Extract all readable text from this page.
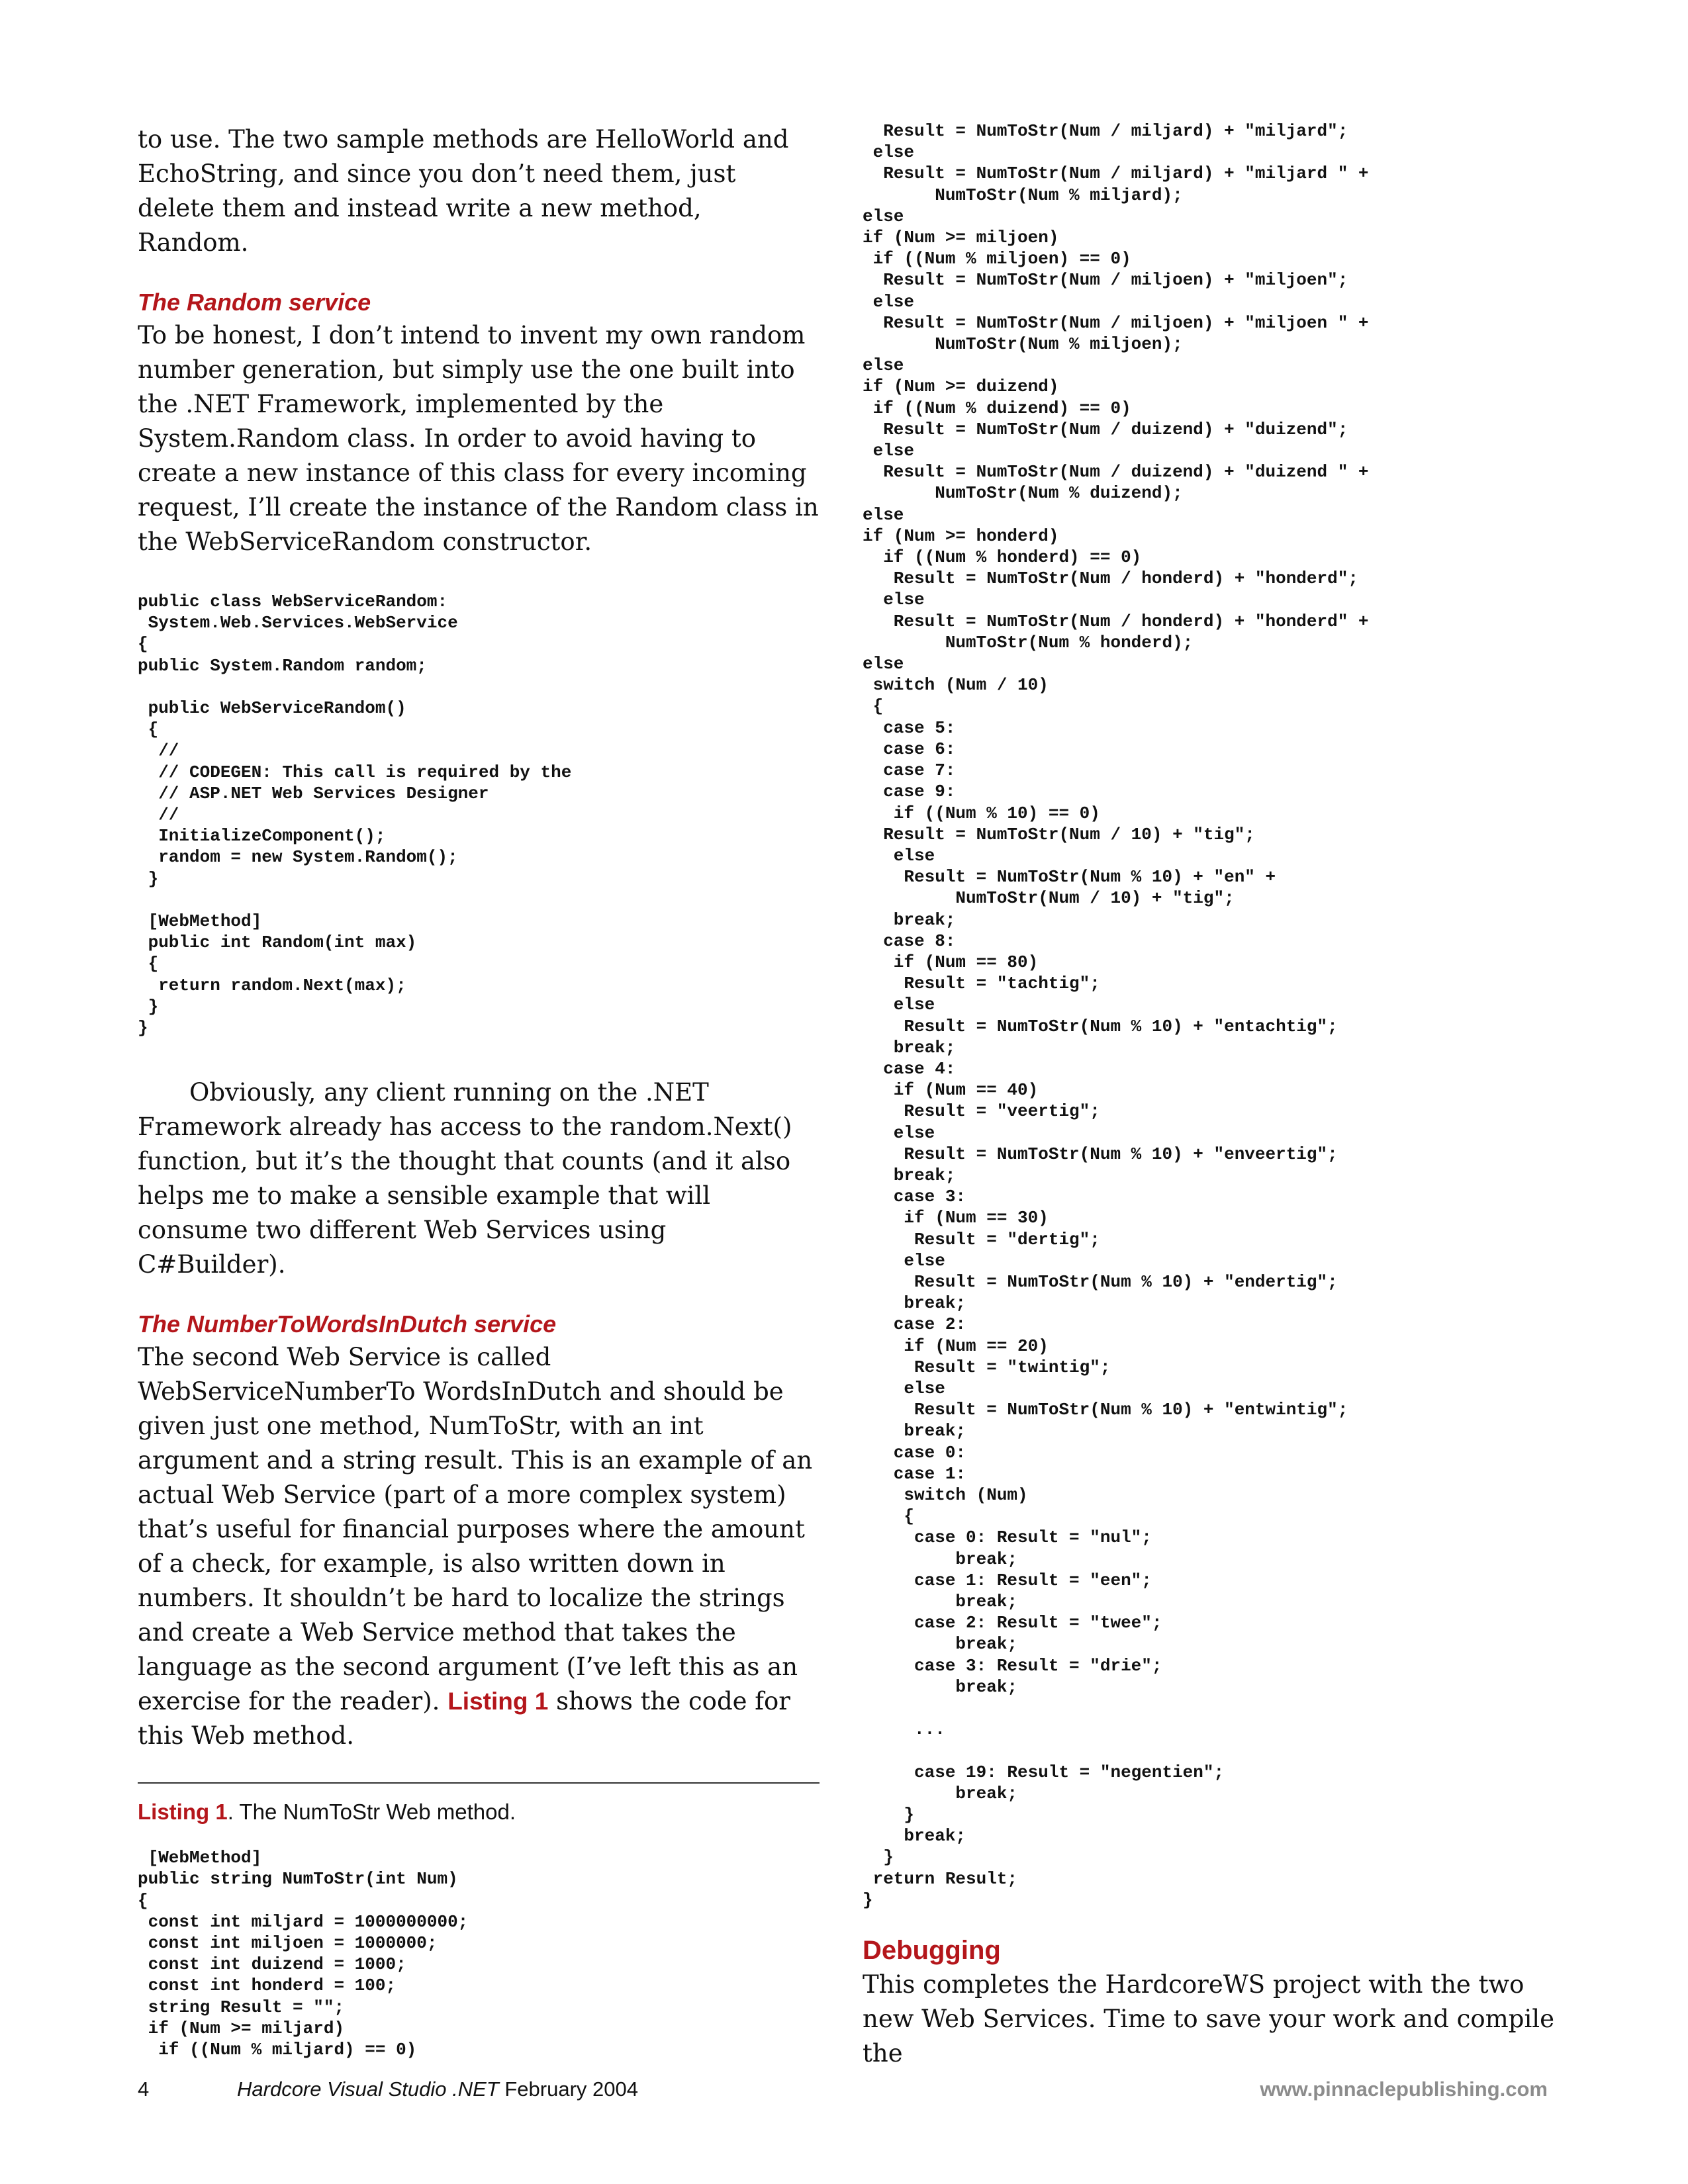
to use. The two sample methods are HelloWorld and EchoString, and since you don’t need them, just delete them and instead write a new method, Random.

The Random service

To be honest, I don’t intend to invent my own random number generation, but simply use the one built into the .NET Framework, implemented by the System.Random class. In order to avoid having to create a new instance of this class for every incoming request, I’ll create the instance of the Random class in the WebServiceRandom constructor.

public class WebServiceRandom:
System.Web.Services.WebService
{
public System.Random random;

public WebServiceRandom()
{
//
// CODEGEN: This call is required by the
// ASP.NET Web Services Designer
//
InitializeComponent();
random = new System.Random();
}

[WebMethod]
public int Random(int max)
{
return random.Next(max);
}
}

Obviously, any client running on the .NET Framework already has access to the random.Next() function, but it’s the thought that counts (and it also helps me to make a sensible example that will consume two different Web Services using C#Builder).

The NumberToWordsInDutch service

The second Web Service is called WebServiceNumberTo WordsInDutch and should be given just one method, NumToStr, with an int argument and a string result. This is an example of an actual Web Service (part of a more complex system) that’s useful for financial purposes where the amount of a check, for example, is also written down in numbers. It shouldn’t be hard to localize the strings and create a Web Service method that takes the language as the second argument (I’ve left this as an exercise for the reader). Listing 1 shows the code for this Web method.

Listing 1. The NumToStr Web method.

[WebMethod]
public string NumToStr(int Num)
{
const int miljard = 1000000000;
const int miljoen = 1000000;
const int duizend = 1000;
const int honderd = 100;
string Result = "";
if (Num >= miljard)
if ((Num % miljard) == 0)
Result = NumToStr(Num / miljard) + "miljard";
else
Result = NumToStr(Num / miljard) + "miljard " +
NumToStr(Num % miljard);
else
if (Num >= miljoen)
if ((Num % miljoen) == 0)
Result = NumToStr(Num / miljoen) + "miljoen";
else
Result = NumToStr(Num / miljoen) + "miljoen " +
NumToStr(Num % miljoen);
else
if (Num >= duizend)
if ((Num % duizend) == 0)
Result = NumToStr(Num / duizend) + "duizend";
else
Result = NumToStr(Num / duizend) + "duizend " +
NumToStr(Num % duizend);
else
if (Num >= honderd)
if ((Num % honderd) == 0)
Result = NumToStr(Num / honderd) + "honderd";
else
Result = NumToStr(Num / honderd) + "honderd" +
NumToStr(Num % honderd);
else
switch (Num / 10)
{
case 5:
case 6:
case 7:
case 9:
if ((Num % 10) == 0)
Result = NumToStr(Num / 10) + "tig";
else
Result = NumToStr(Num % 10) + "en" +
NumToStr(Num / 10) + "tig";
break;
case 8:
if (Num == 80)
Result = "tachtig";
else
Result = NumToStr(Num % 10) + "entachtig";
break;
case 4:
if (Num == 40)
Result = "veertig";
else
Result = NumToStr(Num % 10) + "enveertig";
break;
case 3:
if (Num == 30)
Result = "dertig";
else
Result = NumToStr(Num % 10) + "endertig";
break;
case 2:
if (Num == 20)
Result = "twintig";
else
Result = NumToStr(Num % 10) + "entwintig";
break;
case 0:
case 1:
switch (Num)
{
case 0: Result = "nul";
break;
case 1: Result = "een";
break;
case 2: Result = "twee";
break;
case 3: Result = "drie";
break;

...

case 19: Result = "negentien";
break;
}
break;
}
return Result;
}
Debugging

This completes the HardcoreWS project with the two new Web Services. Time to save your work and compile the

4	Hardcore Visual Studio .NET February 2004	www.pinnaclepublishing.com
